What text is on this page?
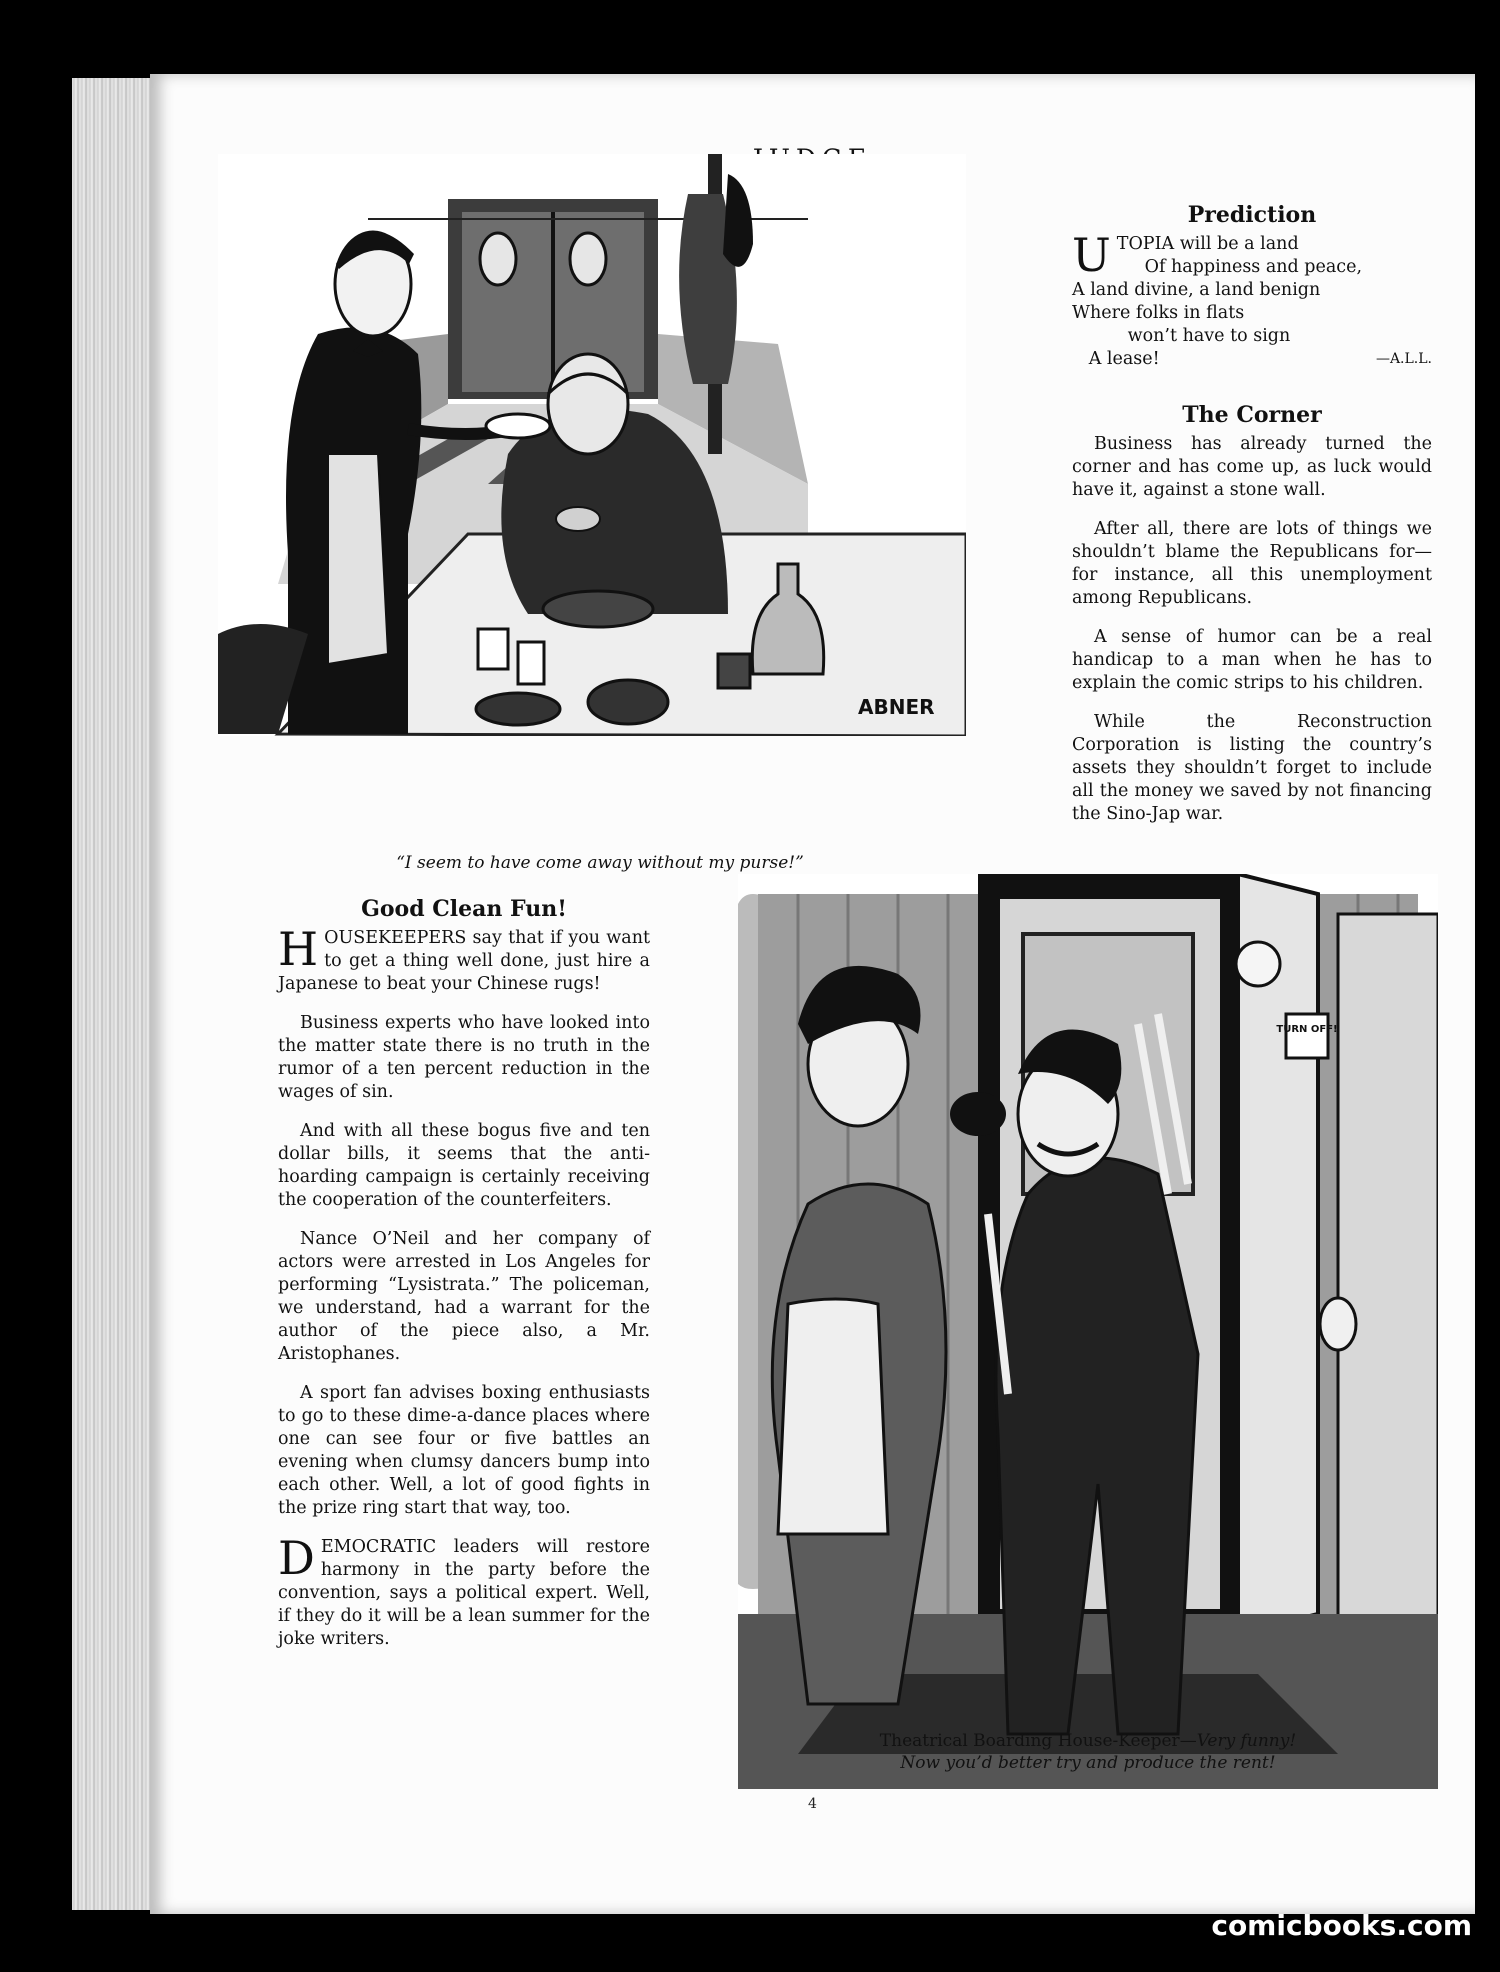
ABNER
“I seem to have come away without my purse!”
Prediction
U TOPIA will be a land
Of happiness and peace,
A land divine, a land benign
Where folks in flats
won’t have to sign
A lease!	—A.L.L.
The Corner

Business has already turned the corner and has come up, as luck would have it, against a stone wall.

After all, there are lots of things we shouldn’t blame the Republicans for—for instance, all this unemployment among Republicans.

A sense of humor can be a real handicap to a man when he has to explain the comic strips to his children.

While the Reconstruction Corporation is listing the country’s assets they shouldn’t forget to include all the money we saved by not financing the Sino-Jap war.

Good Clean Fun!

HOUSEKEEPERS say that if you want to get a thing well done, just hire a Japanese to beat your Chinese rugs!

Business experts who have looked into the matter state there is no truth in the rumor of a ten percent reduction in the wages of sin.

And with all these bogus five and ten dollar bills, it seems that the anti-hoarding campaign is certainly receiving the cooperation of the counterfeiters.

Nance O’Neil and her company of actors were arrested in Los Angeles for performing “Lysistrata.” The policeman, we understand, had a warrant for the author of the piece also, a Mr. Aristophanes.

A sport fan advises boxing enthusiasts to go to these dime-a-dance places where one can see four or five battles an evening when clumsy dancers bump into each other. Well, a lot of good fights in the prize ring start that way, too.

DEMOCRATIC leaders will restore harmony in the party before the convention, says a political expert. Well, if they do it will be a lean summer for the joke writers.

TURN OFF!
Theatrical Boarding House-Keeper—Very funny!
Now you’d better try and produce the rent!
4
comicbooks.com
